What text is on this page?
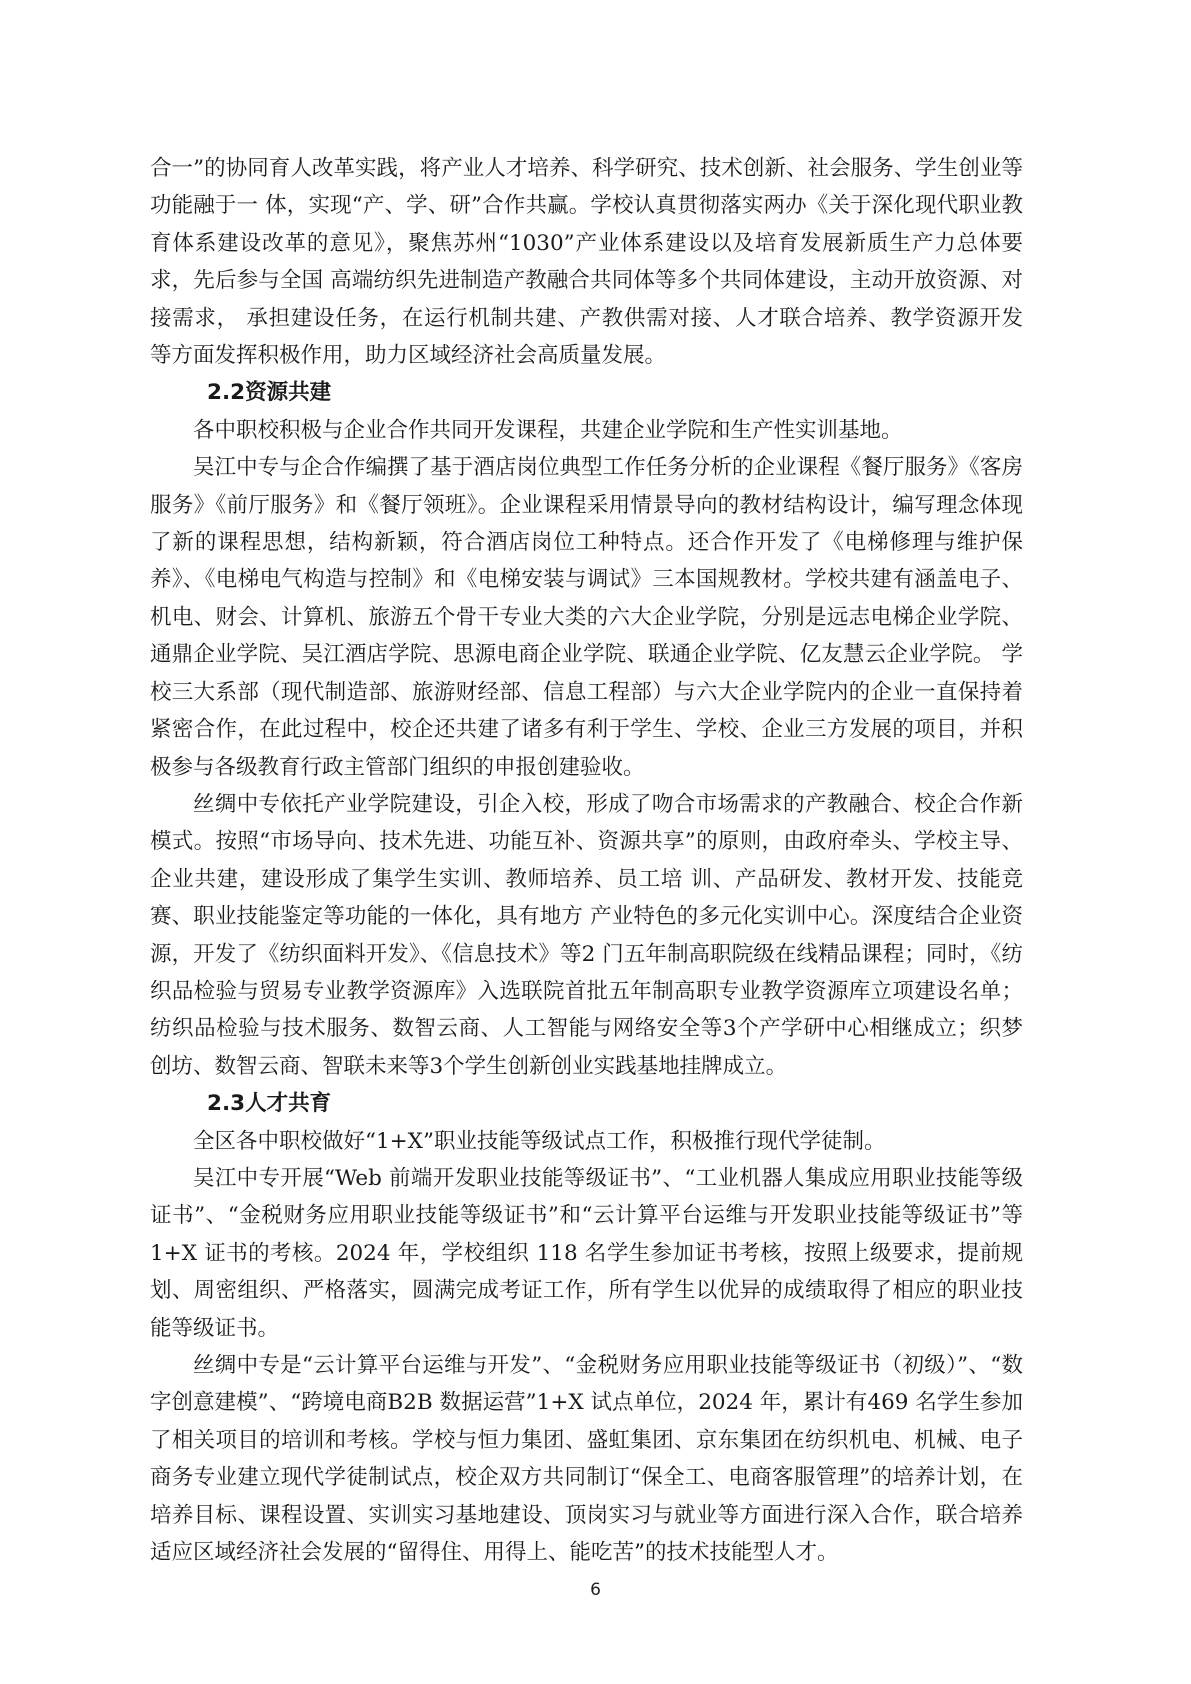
合一”的协同育人改革实践，将产业人才培养、科学研究、技术创新、社会服务、学生创业等功能融于一 体，实现“产、学、研”合作共赢。学校认真贯彻落实两办《关于深化现代职业教育体系建设改革的意见》，聚焦苏州“1030”产业体系建设以及培育发展新质生产力总体要求，先后参与全国 高端纺织先进制造产教融合共同体等多个共同体建设，主动开放资源、对接需求， 承担建设任务，在运行机制共建、产教供需对接、人才联合培养、教学资源开发 等方面发挥积极作用，助力区域经济社会高质量发展。

2.2资源共建

各中职校积极与企业合作共同开发课程，共建企业学院和生产性实训基地。

吴江中专与企合作编撰了基于酒店岗位典型工作任务分析的企业课程《餐厅服务》《客房服务》《前厅服务》和《餐厅领班》。企业课程采用情景导向的教材结构设计，编写理念体现了新的课程思想，结构新颖，符合酒店岗位工种特点。还合作开发了《电梯修理与维护保养》、《电梯电气构造与控制》和《电梯安装与调试》三本国规教材。学校共建有涵盖电子、机电、财会、计算机、旅游五个骨干专业大类的六大企业学院，分别是远志电梯企业学院、通鼎企业学院、吴江酒店学院、思源电商企业学院、联通企业学院、亿友慧云企业学院。 学校三大系部（现代制造部、旅游财经部、信息工程部）与六大企业学院内的企业一直保持着紧密合作，在此过程中，校企还共建了诸多有利于学生、学校、企业三方发展的项目，并积极参与各级教育行政主管部门组织的申报创建验收。

丝绸中专依托产业学院建设，引企入校，形成了吻合市场需求的产教融合、校企合作新模式。按照“市场导向、技术先进、功能互补、资源共享”的原则，由政府牵头、学校主导、企业共建，建设形成了集学生实训、教师培养、员工培 训、产品研发、教材开发、技能竞赛、职业技能鉴定等功能的一体化，具有地方 产业特色的多元化实训中心。深度结合企业资源，开发了《纺织面料开发》、《信息技术》等2 门五年制高职院级在线精品课程；同时，《纺织品检验与贸易专业教学资源库》入选联院首批五年制高职专业教学资源库立项建设名单；纺织品检验与技术服务、数智云商、人工智能与网络安全等3个产学研中心相继成立；织梦创坊、数智云商、智联未来等3个学生创新创业实践基地挂牌成立。

2.3人才共育

全区各中职校做好“1+X”职业技能等级试点工作，积极推行现代学徒制。

吴江中专开展“Web 前端开发职业技能等级证书”、“工业机器人集成应用职业技能等级证书”、“金税财务应用职业技能等级证书”和“云计算平台运维与开发职业技能等级证书”等 1+X 证书的考核。2024 年，学校组织 118 名学生参加证书考核，按照上级要求，提前规划、周密组织、严格落实，圆满完成考证工作，所有学生以优异的成绩取得了相应的职业技能等级证书。

丝绸中专是“云计算平台运维与开发”、“金税财务应用职业技能等级证书（初级）”、“数字创意建模”、“跨境电商B2B 数据运营”1+X 试点单位，2024 年，累计有469 名学生参加　 了相关项目的培训和考核。学校与恒力集团、盛虹集团、京东集团在纺织机电、机械、电子商务专业建立现代学徒制试点，校企双方共同制订“保全工、电商客服管理”的培养计划，在培养目标、课程设置、实训实习基地建设、顶岗实习与就业等方面进行深入合作，联合培养适应区域经济社会发展的“留得住、用得上、能吃苦”的技术技能型人才。

6
